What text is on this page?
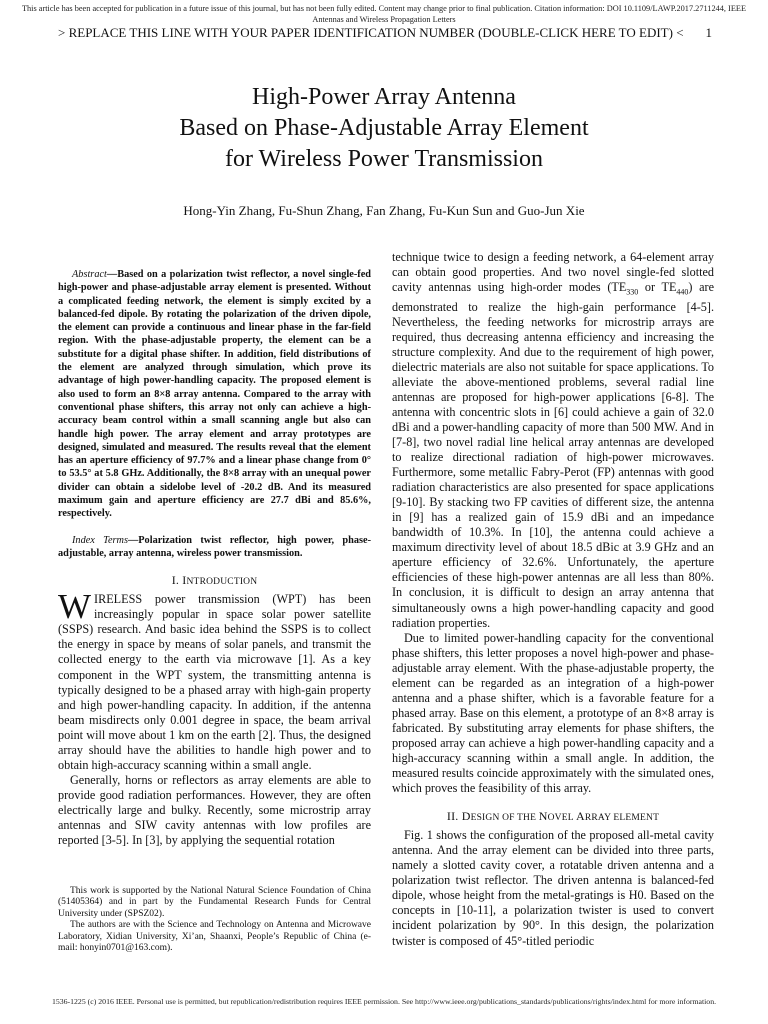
This article has been accepted for publication in a future issue of this journal, but has not been fully edited. Content may change prior to final publication. Citation information: DOI 10.1109/LAWP.2017.2711244, IEEE
Antennas and Wireless Propagation Letters
> REPLACE THIS LINE WITH YOUR PAPER IDENTIFICATION NUMBER (DOUBLE-CLICK HERE TO EDIT) < 1
High-Power Array Antenna
Based on Phase-Adjustable Array Element
for Wireless Power Transmission
Hong-Yin Zhang, Fu-Shun Zhang, Fan Zhang, Fu-Kun Sun and Guo-Jun Xie

Abstract—Based on a polarization twist reflector, a novel single-fed high-power and phase-adjustable array element is presented. Without a complicated feeding network, the element is simply excited by a balanced-fed dipole. By rotating the polarization of the driven dipole, the element can provide a continuous and linear phase in the far-field region. With the phase-adjustable property, the element can be a substitute for a digital phase shifter. In addition, field distributions of the element are analyzed through simulation, which prove its advantage of high power-handling capacity. The proposed element is also used to form an 8×8 array antenna. Compared to the array with conventional phase shifters, this array not only can achieve a high-accuracy beam control within a small scanning angle but also can handle high power. The array element and array prototypes are designed, simulated and measured. The results reveal that the element has an aperture efficiency of 97.7% and a linear phase change from 0° to 53.5° at 5.8 GHz. Additionally, the 8×8 array with an unequal power divider can obtain a sidelobe level of -20.2 dB. And its measured maximum gain and aperture efficiency are 27.7 dBi and 85.6%, respectively.

Index Terms—Polarization twist reflector, high power, phase-adjustable, array antenna, wireless power transmission.

I. INTRODUCTION

WIRELESS power transmission (WPT) has been increasingly popular in space solar power satellite (SSPS) research. And basic idea behind the SSPS is to collect the energy in space by means of solar panels, and transmit the collected energy to the earth via microwave [1]. As a key component in the WPT system, the transmitting antenna is typically designed to be a phased array with high-gain property and high power-handling capacity. In addition, if the antenna beam misdirects only 0.001 degree in space, the beam arrival point will move about 1 km on the earth [2]. Thus, the designed array should have the abilities to handle high power and to obtain high-accuracy scanning within a small angle.

Generally, horns or reflectors as array elements are able to provide good radiation performances. However, they are often electrically large and bulky. Recently, some microstrip array antennas and SIW cavity antennas with low profiles are reported [3-5]. In [3], by applying the sequential rotation

This work is supported by the National Natural Science Foundation of China (51405364) and in part by the Fundamental Research Funds for Central University under (SPSZ02).

The authors are with the Science and Technology on Antenna and Microwave Laboratory, Xidian University, Xi’an, Shaanxi, People’s Republic of China (e-mail: honyin0701@163.com).

technique twice to design a feeding network, a 64-element array can obtain good properties. And two novel single-fed slotted cavity antennas using high-order modes ($TE_{330}$ or $TE_{440}$) are demonstrated to realize the high-gain performance [4-5]. Nevertheless, the feeding networks for microstrip arrays are required, thus decreasing antenna efficiency and increasing the structure complexity. And due to the requirement of high power, dielectric materials are also not suitable for space applications. To alleviate the above-mentioned problems, several radial line antennas are proposed for high-power applications [6-8]. The antenna with concentric slots in [6] could achieve a gain of 32.0 dBi and a power-handling capacity of more than 500 MW. And in [7-8], two novel radial line helical array antennas are developed to realize directional radiation of high-power microwaves. Furthermore, some metallic Fabry-Perot (FP) antennas with good radiation characteristics are also presented for space applications [9-10]. By stacking two FP cavities of different size, the antenna in [9] has a realized gain of 15.9 dBi and an impedance bandwidth of 10.3%. In [10], the antenna could achieve a maximum directivity level of about 18.5 dBic at 3.9 GHz and an aperture efficiency of 32.6%. Unfortunately, the aperture efficiencies of these high-power antennas are all less than 80%. In conclusion, it is difficult to design an array antenna that simultaneously owns a high power-handling capacity and good radiation properties.

Due to limited power-handling capacity for the conventional phase shifters, this letter proposes a novel high-power and phase-adjustable array element. With the phase-adjustable property, the element can be regarded as an integration of a high-power antenna and a phase shifter, which is a favorable feature for a phased array. Base on this element, a prototype of an 8×8 array is fabricated. By substituting array elements for phase shifters, the proposed array can achieve a high power-handling capacity and a high-accuracy scanning within a small angle. In addition, the measured results coincide approximately with the simulated ones, which proves the feasibility of this array.

II. DESIGN OF THE NOVEL ARRAY ELEMENT

Fig. 1 shows the configuration of the proposed all-metal cavity antenna. And the array element can be divided into three parts, namely a slotted cavity cover, a rotatable driven antenna and a polarization twist reflector. The driven antenna is balanced-fed dipole, whose height from the metal-gratings is H0. Based on the concepts in [10-11], a polarization twister is used to convert incident polarization by 90°. In this design, the polarization twister is composed of 45°-titled periodic

1536-1225 (c) 2016 IEEE. Personal use is permitted, but republication/redistribution requires IEEE permission. See http://www.ieee.org/publications_standards/publications/rights/index.html for more information.
